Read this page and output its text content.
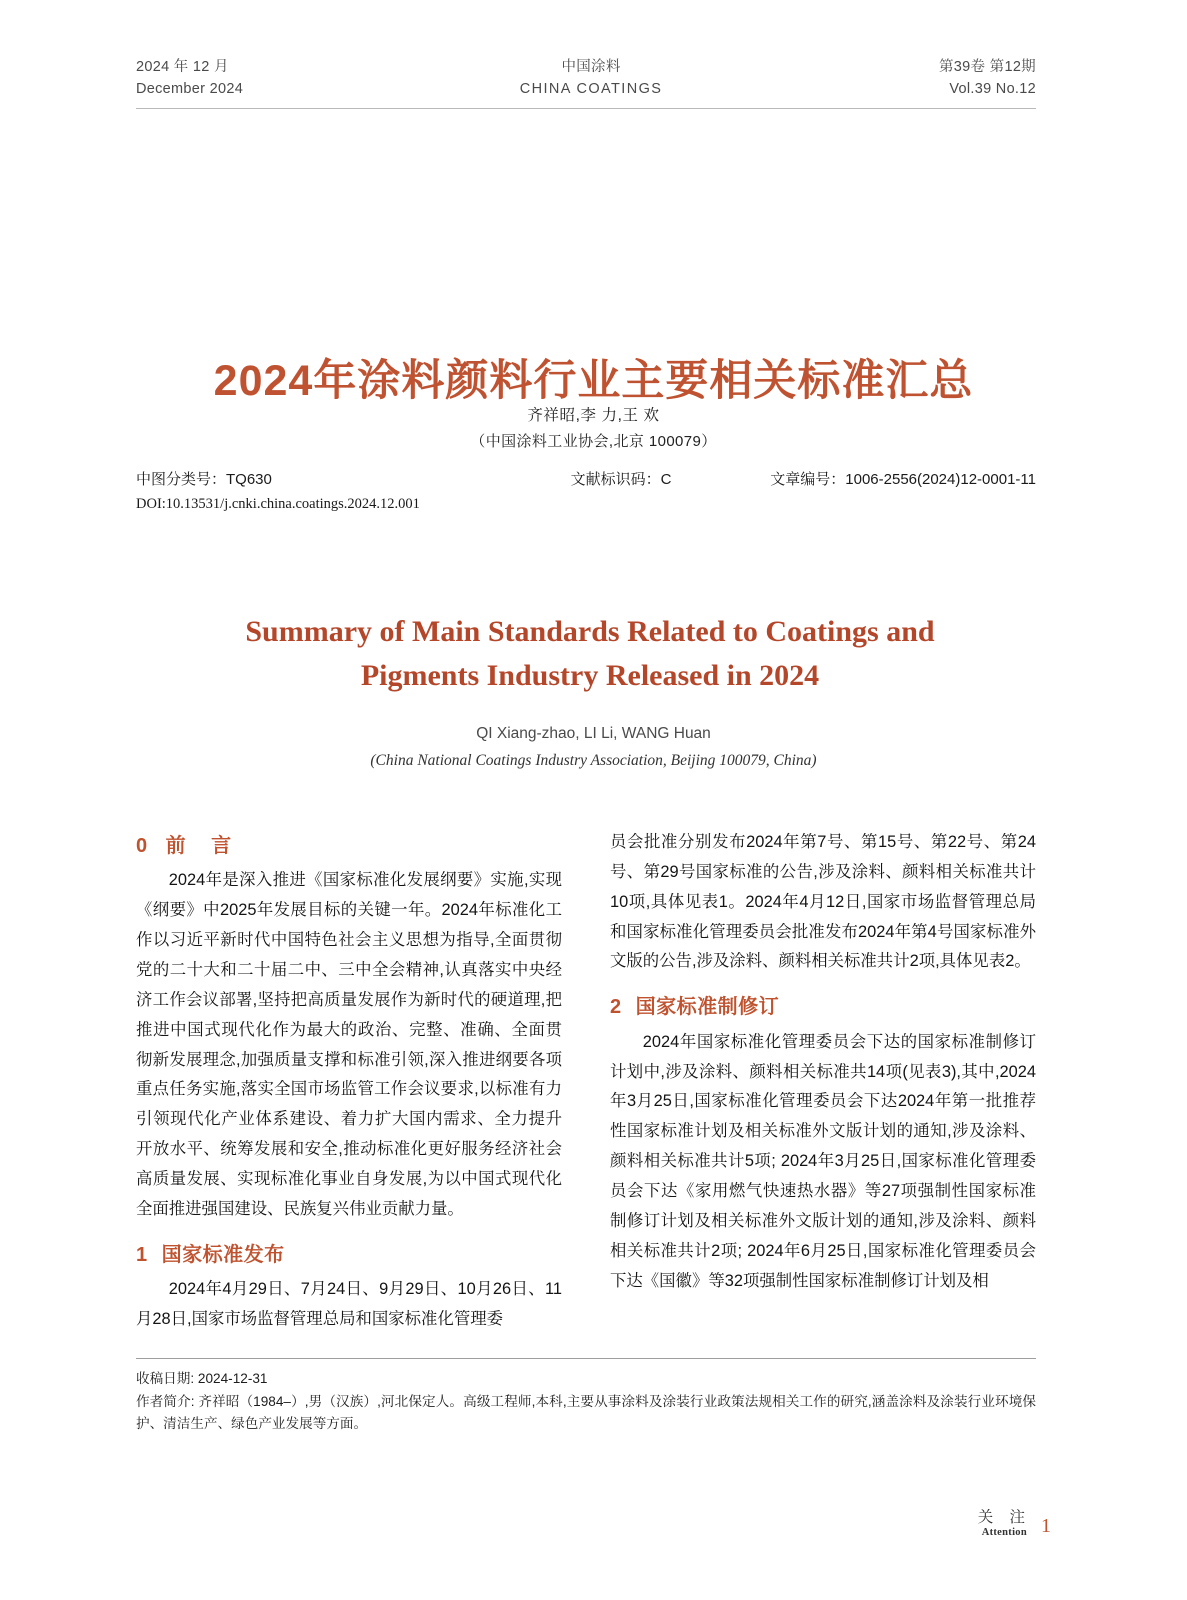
2024 年 12 月
December 2024
中国涂料
CHINA COATINGS
第39卷 第12期
Vol.39 No.12
2024年涂料颜料行业主要相关标准汇总
齐祥昭,李 力,王 欢
（中国涂料工业协会,北京 100079）
中图分类号：TQ630	文献标识码：C	文章编号：1006-2556(2024)12-0001-11
DOI:10.13531/j.cnki.china.coatings.2024.12.001
Summary of Main Standards Related to Coatings and
Pigments Industry Released in 2024
QI Xiang-zhao, LI Li, WANG Huan
(China National Coatings Industry Association, Beijing 100079, China)
0 前 言

2024年是深入推进《国家标准化发展纲要》实施,实现《纲要》中2025年发展目标的关键一年。2024年标准化工作以习近平新时代中国特色社会主义思想为指导,全面贯彻党的二十大和二十届二中、三中全会精神,认真落实中央经济工作会议部署,坚持把高质量发展作为新时代的硬道理,把推进中国式现代化作为最大的政治、完整、准确、全面贯彻新发展理念,加强质量支撑和标准引领,深入推进纲要各项重点任务实施,落实全国市场监管工作会议要求,以标准有力引领现代化产业体系建设、着力扩大国内需求、全力提升开放水平、统筹发展和安全,推动标准化更好服务经济社会高质量发展、实现标准化事业自身发展,为以中国式现代化全面推进强国建设、民族复兴伟业贡献力量。

1 国家标准发布

2024年4月29日、7月24日、9月29日、10月26日、11月28日,国家市场监督管理总局和国家标准化管理委

员会批准分别发布2024年第7号、第15号、第22号、第24号、第29号国家标准的公告,涉及涂料、颜料相关标准共计10项,具体见表1。2024年4月12日,国家市场监督管理总局和国家标准化管理委员会批准发布2024年第4号国家标准外文版的公告,涉及涂料、颜料相关标准共计2项,具体见表2。

2 国家标准制修订

2024年国家标准化管理委员会下达的国家标准制修订计划中,涉及涂料、颜料相关标准共14项(见表3),其中,2024年3月25日,国家标准化管理委员会下达2024年第一批推荐性国家标准计划及相关标准外文版计划的通知,涉及涂料、颜料相关标准共计5项; 2024年3月25日,国家标准化管理委员会下达《家用燃气快速热水器》等27项强制性国家标准制修订计划及相关标准外文版计划的通知,涉及涂料、颜料相关标准共计2项; 2024年6月25日,国家标准化管理委员会下达《国徽》等32项强制性国家标准制修订计划及相

收稿日期: 2024-12-31

作者简介: 齐祥昭（1984–）,男（汉族）,河北保定人。高级工程师,本科,主要从事涂料及涂装行业政策法规相关工作的研究,涵盖涂料及涂装行业环境保护、清洁生产、绿色产业发展等方面。

关 注
Attention 1
